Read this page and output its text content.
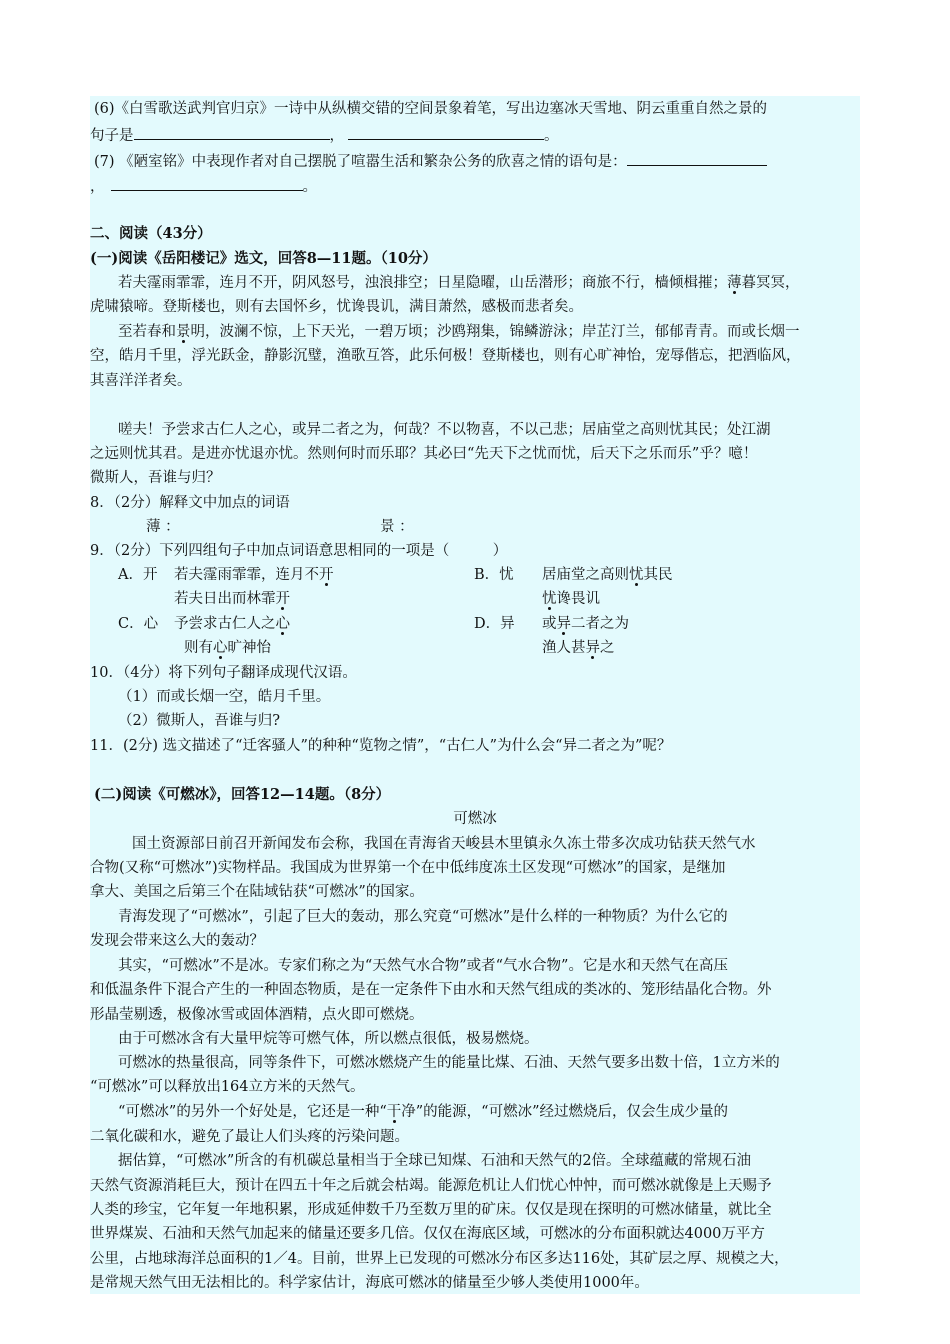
(6)《白雪歌送武判官归京》一诗中从纵横交错的空间景象着笔，写出边塞冰天雪地、阴云重重自然之景的
句子是	，	。
(7) 《陋室铭》中表现作者对自己摆脱了喧嚣生活和繁杂公务的欣喜之情的语句是：
，	。
二、阅读（43分）
(一)阅读《岳阳楼记》选文，回答8—11题。（10分）
若夫霪雨霏霏，连月不开，阴风怒号，浊浪排空；日星隐曜，山岳潜形；商旅不行，樯倾楫摧；薄暮冥冥，
虎啸猿啼。登斯楼也，则有去国怀乡，忧谗畏讥，满目萧然，感极而悲者矣。
至若春和景明，波澜不惊，上下天光，一碧万顷；沙鸥翔集，锦鳞游泳；岸芷汀兰，郁郁青青。而或长烟一
空，皓月千里，浮光跃金，静影沉璧，渔歌互答，此乐何极！登斯楼也，则有心旷神怡，宠辱偕忘，把酒临风，
其喜洋洋者矣。
嗟夫！予尝求古仁人之心，或异二者之为，何哉？不以物喜，不以己悲；居庙堂之高则忧其民；处江湖
之远则忧其君。是进亦忧退亦忧。然则何时而乐耶？其必曰“先天下之忧而忧，后天下之乐而乐”乎？噫！
微斯人，吾谁与归？
8．（2分）解释文中加点的词语
薄 ：	景 ：
9．（2分）下列四组句子中加点词语意思相同的一项是（　　　）
A．开 若夫霪雨霏霏，连月不开
若夫日出而林霏开
B．忧 居庙堂之高则忧其民
忧谗畏讥
C．心 予尝求古仁人之心
则有心旷神怡
D．异 或异二者之为
渔人甚异之
10．（4分）将下列句子翻译成现代汉语。
（1）而或长烟一空，皓月千里。
（2）微斯人，吾谁与归?
11．(2分) 选文描述了“迁客骚人”的种种“览物之情”，“古仁人”为什么会“异二者之为”呢？
(二)阅读《可燃冰》，回答12—14题。（8分）
可燃冰
国土资源部日前召开新闻发布会称，我国在青海省天峻县木里镇永久冻土带多次成功钻获天然气水
合物(又称“可燃冰”)实物样品。我国成为世界第一个在中低纬度冻土区发现“可燃冰”的国家，是继加
拿大、美国之后第三个在陆域钻获“可燃冰”的国家。
青海发现了“可燃冰”，引起了巨大的轰动，那么究竟“可燃冰”是什么样的一种物质？为什么它的
发现会带来这么大的轰动？
其实，“可燃冰”不是冰。专家们称之为“天然气水合物”或者“气水合物”。它是水和天然气在高压
和低温条件下混合产生的一种固态物质，是在一定条件下由水和天然气组成的类冰的、笼形结晶化合物。外
形晶莹剔透，极像冰雪或固体酒精，点火即可燃烧。
由于可燃冰含有大量甲烷等可燃气体，所以燃点很低，极易燃烧。
可燃冰的热量很高，同等条件下，可燃冰燃烧产生的能量比煤、石油、天然气要多出数十倍，1立方米的
“可燃冰”可以释放出164立方米的天然气。
“可燃冰”的另外一个好处是，它还是一种“干净”的能源，“可燃冰”经过燃烧后，仅会生成少量的
二氧化碳和水，避免了最让人们头疼的污染问题。
据估算，“可燃冰”所含的有机碳总量相当于全球已知煤、石油和天然气的2倍。全球蕴藏的常规石油
天然气资源消耗巨大，预计在四五十年之后就会枯竭。能源危机让人们忧心忡忡，而可燃冰就像是上天赐予
人类的珍宝，它年复一年地积累，形成延伸数千乃至数万里的矿床。仅仅是现在探明的可燃冰储量，就比全
世界煤炭、石油和天然气加起来的储量还要多几倍。仅仅在海底区域，可燃冰的分布面积就达4000万平方
公里，占地球海洋总面积的1／4。目前，世界上已发现的可燃冰分布区多达116处，其矿层之厚、规模之大，
是常规天然气田无法相比的。科学家估计，海底可燃冰的储量至少够人类使用1000年。
